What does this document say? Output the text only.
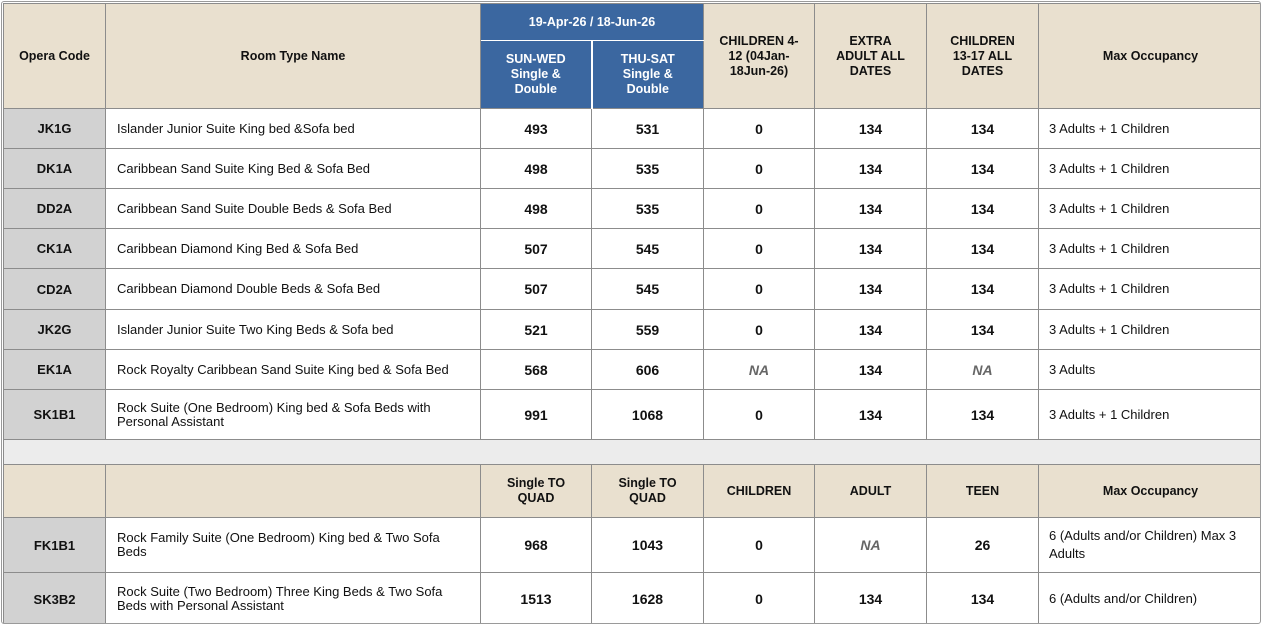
Opera Code	Room Type Name	19-Apr-26 / 18-Jun-26		CHILDREN 4-12 (04Jan-18Jun-26)	EXTRA ADULT ALL DATES	CHILDREN 13-17 ALL DATES	Max Occupancy
		SUN-WED Single & Double	THU-SAT Single & Double				
JK1G	Islander Junior Suite King bed &Sofa bed	493	531	0	134	134	3 Adults + 1 Children
DK1A	Caribbean Sand Suite King Bed & Sofa Bed	498	535	0	134	134	3 Adults + 1 Children
DD2A	Caribbean Sand Suite Double Beds & Sofa Bed	498	535	0	134	134	3 Adults + 1 Children
CK1A	Caribbean Diamond King Bed & Sofa Bed	507	545	0	134	134	3 Adults + 1 Children
CD2A	Caribbean Diamond Double Beds & Sofa Bed	507	545	0	134	134	3 Adults + 1 Children
JK2G	Islander Junior Suite Two King Beds & Sofa bed	521	559	0	134	134	3 Adults + 1 Children
EK1A	Rock Royalty Caribbean Sand Suite King bed & Sofa Bed	568	606	NA	134	NA	3 Adults
SK1B1	Rock Suite (One Bedroom) King bed & Sofa Beds with Personal Assistant	991	1068	0	134	134	3 Adults + 1 Children

		Single TO QUAD	Single TO QUAD	CHILDREN	ADULT	TEEN	Max Occupancy
FK1B1	Rock Family Suite (One Bedroom) King bed & Two Sofa Beds	968	1043	0	NA	26	6 (Adults and/or Children) Max 3 Adults
SK3B2	Rock Suite (Two Bedroom) Three King Beds & Two Sofa Beds with Personal Assistant	1513	1628	0	134	134	6 (Adults and/or Children)
